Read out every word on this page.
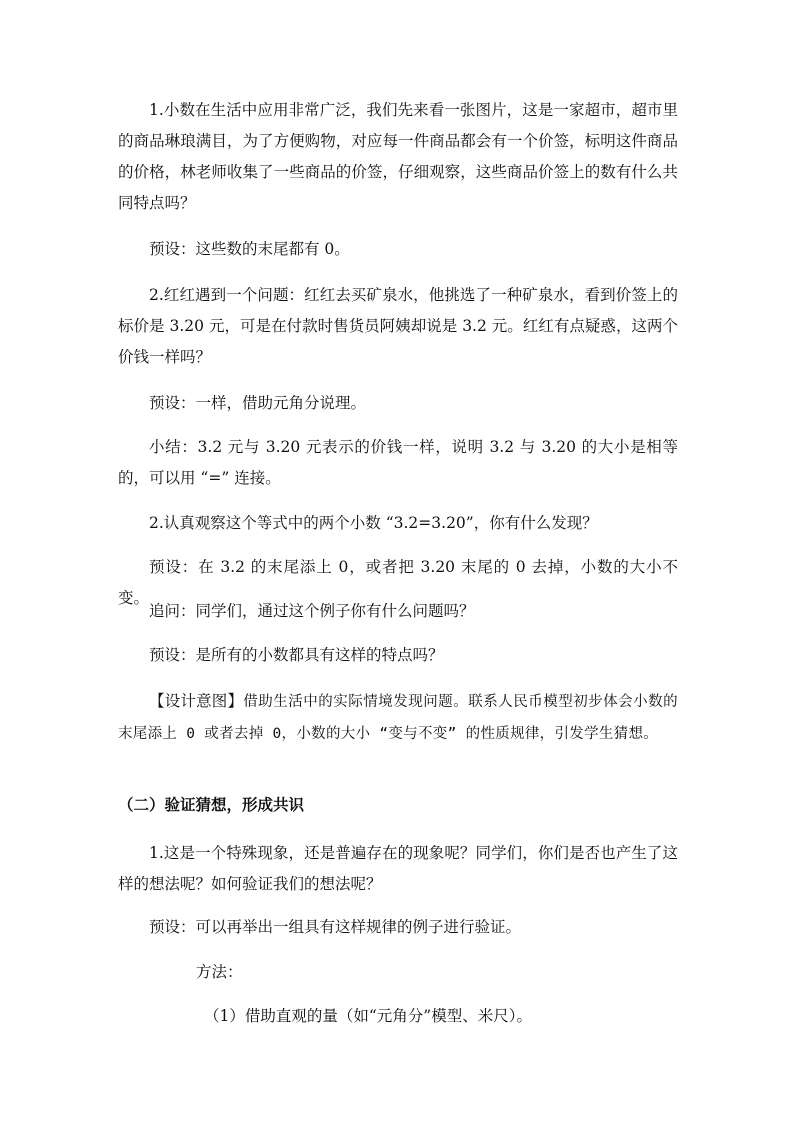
1.小数在生活中应用非常广泛，我们先来看一张图片，这是一家超市，超市里的商品琳琅满目，为了方便购物，对应每一件商品都会有一个价签，标明这件商品的价格，林老师收集了一些商品的价签，仔细观察，这些商品价签上的数有什么共同特点吗？

预设：这些数的末尾都有 0。

2.红红遇到一个问题：红红去买矿泉水，他挑选了一种矿泉水，看到价签上的标价是 3.20 元，可是在付款时售货员阿姨却说是 3.2 元。红红有点疑惑，这两个价钱一样吗？

预设：一样，借助元角分说理。

小结：3.2 元与 3.20 元表示的价钱一样，说明 3.2 与 3.20 的大小是相等的，可以用 “=” 连接。

2.认真观察这个等式中的两个小数 “3.2=3.20”，你有什么发现？

预设：在 3.2 的末尾添上 0，或者把 3.20 末尾的 0 去掉，小数的大小不变。

追问：同学们，通过这个例子你有什么问题吗？

预设：是所有的小数都具有这样的特点吗？

【设计意图】借助生活中的实际情境发现问题。联系人民币模型初步体会小数的末尾添上 0 或者去掉 0，小数的大小 “变与不变” 的性质规律，引发学生猜想。

（二）验证猜想，形成共识

1.这是一个特殊现象，还是普遍存在的现象呢？同学们，你们是否也产生了这样的想法呢？如何验证我们的想法呢？

预设：可以再举出一组具有这样规律的例子进行验证。

方法：

（1）借助直观的量（如“元角分”模型、米尺）。
